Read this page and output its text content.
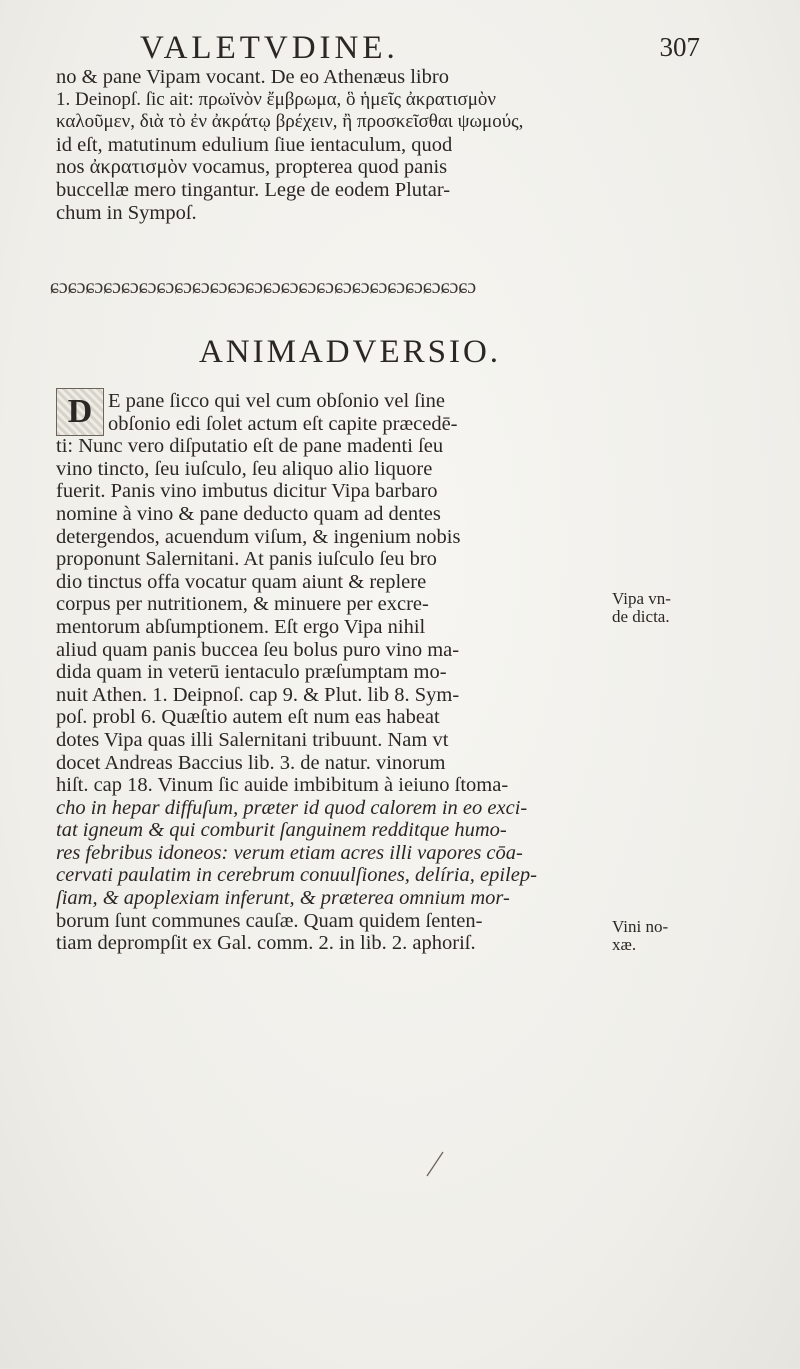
VALETVDINE.	307
no & pane Vipam vocant. De eo Athenæus libro
1. Deinopſ. ſic ait: πρωϊνὸν ἔμβρωμα, ὃ ἡμεῖς ἀκρατισμὸν
καλοῦμεν, διὰ τὸ ἐν ἀκράτῳ βρέχειν, ἢ προσκεῖσθαι ψωμούς,
id eſt, matutinum edulium ſiue ientaculum, quod
nos ἀκρατισμὸν vocamus, propterea quod panis
buccellæ mero tingantur. Lege de eodem Plutar-
chum in Sympoſ.
ɕɔɕɔɕɔɕɔɕɔɕɔɕɔɕɔɕɔɕɔɕɔɕɔɕɔɕɔɕɔɕɔɕɔɕɔɕɔɕɔɕɔɕɔɕɔɕɔ
ANIMADVERSIO.
D E pane ſicco qui vel cum obſonio vel ſine
obſonio edi ſolet actum eſt capite præcedē-
ti: Nunc vero diſputatio eſt de pane madenti ſeu
vino tincto, ſeu iuſculo, ſeu aliquo alio liquore
fuerit. Panis vino imbutus dicitur Vipa barbaro
nomine à vino & pane deducto quam ad dentes
detergendos, acuendum viſum, & ingenium nobis
proponunt Salernitani. At panis iuſculo ſeu bro
dio tinctus offa vocatur quam aiunt & replere
corpus per nutritionem, & minuere per excre-
mentorum abſumptionem. Eſt ergo Vipa nihil
aliud quam panis buccea ſeu bolus puro vino ma-
dida quam in veterū ientaculo præſumptam mo-
nuit Athen. 1. Deipnoſ. cap 9. & Plut. lib 8. Sym-
poſ. probl 6. Quæſtio autem eſt num eas habeat
dotes Vipa quas illi Salernitani tribuunt. Nam vt
docet Andreas Baccius lib. 3. de natur. vinorum
hiſt. cap 18. Vinum ſic auide imbibitum à ieiuno ſtoma-
cho in hepar diffuſum, præter id quod calorem in eo exci-
tat igneum & qui comburit ſanguinem redditque humo-
res febribus idoneos: verum etiam acres illi vapores cōa-
cervati paulatim in cerebrum conuulſiones, delíria, epilep-
ſiam, & apoplexiam inferunt, & præterea omnium mor-
borum ſunt communes cauſæ. Quam quidem ſenten-
tiam deprompſit ex Gal. comm. 2. in lib. 2. aphoriſ.
Vipa vn-
de dicta.
Vini no-
xæ.
